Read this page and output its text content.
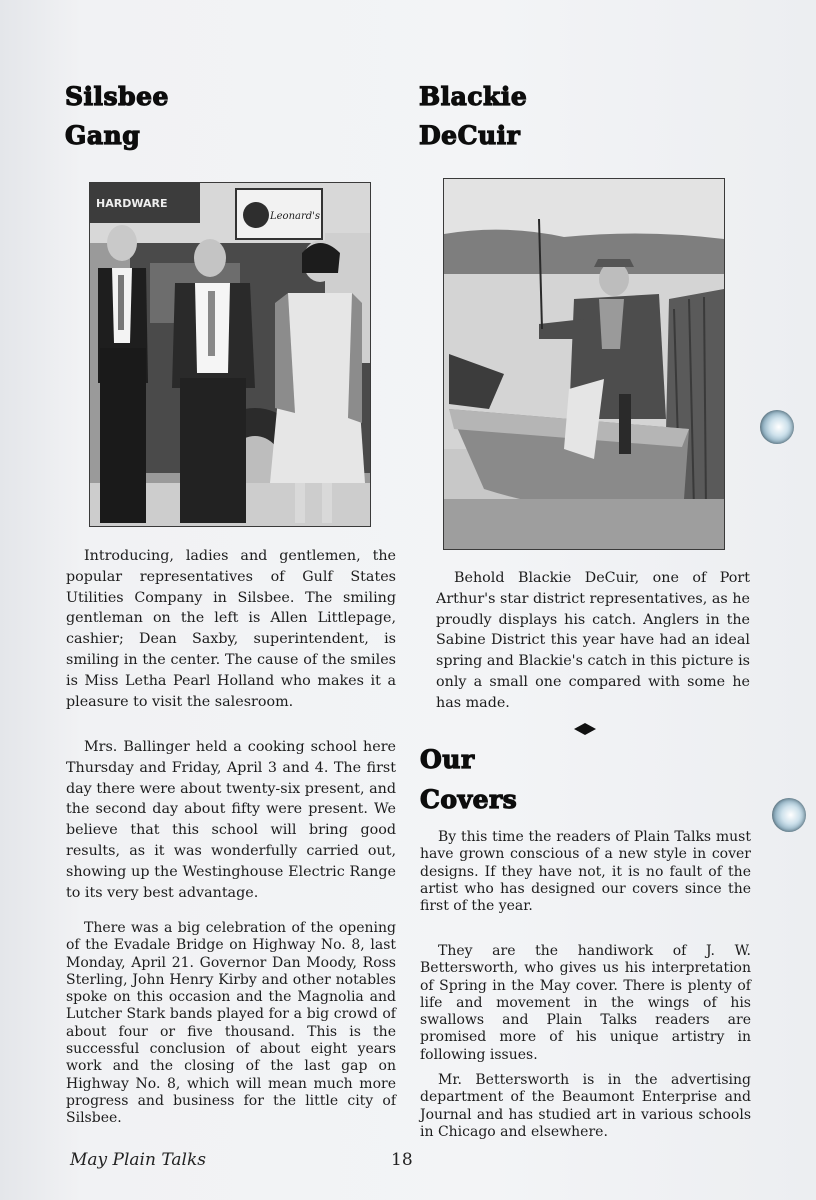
Silsbee
Gang
HARDWARE
Leonard's

Introducing, ladies and gentlemen, the popular representatives of Gulf States Utilities Company in Silsbee. The smiling gentleman on the left is Allen Littlepage, cashier; Dean Saxby, superintendent, is smiling in the center. The cause of the smiles is Miss Letha Pearl Holland who makes it a pleasure to visit the salesroom.

Mrs. Ballinger held a cooking school here Thursday and Friday, April 3 and 4. The first day there were about twenty-six present, and the second day about fifty were present. We believe that this school will bring good results, as it was wonderfully carried out, showing up the Westinghouse Electric Range to its very best advantage.

There was a big celebration of the opening of the Evadale Bridge on Highway No. 8, last Monday, April 21. Governor Dan Moody, Ross Sterling, John Henry Kirby and other notables spoke on this occasion and the Magnolia and Lutcher Stark bands played for a big crowd of about four or five thousand. This is the successful conclusion of about eight years work and the closing of the last gap on Highway No. 8, which will mean much more progress and business for the little city of Silsbee.

Blackie
DeCuir

Behold Blackie DeCuir, one of Port Arthur's star district representatives, as he proudly displays his catch. Anglers in the Sabine District this year have had an ideal spring and Blackie's catch in this picture is only a small one compared with some he has made.

Our
Covers

By this time the readers of Plain Talks must have grown conscious of a new style in cover designs. If they have not, it is no fault of the artist who has designed our covers since the first of the year.

They are the handiwork of J. W. Bettersworth, who gives us his interpretation of Spring in the May cover. There is plenty of life and movement in the wings of his swallows and Plain Talks readers are promised more of his unique artistry in following issues.

Mr. Bettersworth is in the advertising department of the Beaumont Enterprise and Journal and has studied art in various schools in Chicago and elsewhere.

May Plain Talks	18
